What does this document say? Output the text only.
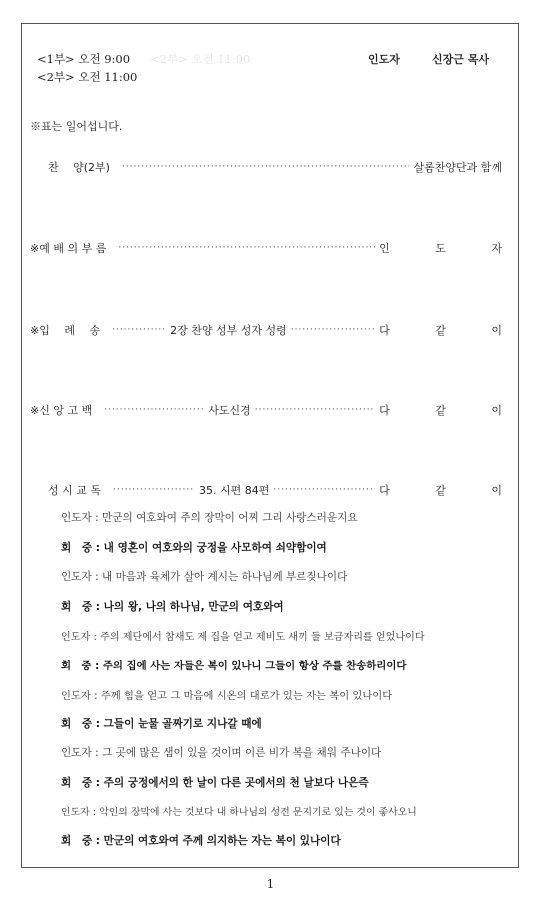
<1부> 오전 9:00 <2부> 오전 11:00
<2부> 오전 11:00
인도자	신장근 목사
※표는 일어섭니다.
찬　 양(2부) ·····	살롬찬양단과 함께
※예 배 의 부 름 ·····	인 도 자
※입　 례　 송 ·····	2장 찬양 성부 성자 성령 ·····	다 같 이
※신 앙 고 백 ·····	사도신경 ·····	다 같 이
성 시 교 독 ·····	35. 시편 84편 ·····	다 같 이
인도자 : 만군의 여호와여 주의 장막이 어찌 그리 사랑스러운지요
회　중 : 내 영혼이 여호와의 궁정을 사모하여 쇠약함이여
인도자 : 내 마음과 육체가 살아 계시는 하나님께 부르짖나이다
회　중 : 나의 왕, 나의 하나님, 만군의 여호와여
인도자 : 주의 제단에서 참새도 제 집을 얻고 제비도 새끼 둘 보금자리를 얻었나이다
회　중 : 주의 집에 사는 자들은 복이 있나니 그들이 항상 주를 찬송하리이다
인도자 : 주께 힘을 얻고 그 마음에 시온의 대로가 있는 자는 복이 있나이다
회　중 : 그들이 눈물 골짜기로 지나갈 때에
인도자 : 그 곳에 많은 샘이 있을 것이며 이른 비가 복을 채워 주나이다
회　중 : 주의 궁정에서의 한 날이 다른 곳에서의 천 날보다 나은즉
인도자 : 악인의 장막에 사는 것보다 내 하나님의 성전 문지기로 있는 것이 좋사오니
회　중 : 만군의 여호와여 주께 의지하는 자는 복이 있나이다
1
